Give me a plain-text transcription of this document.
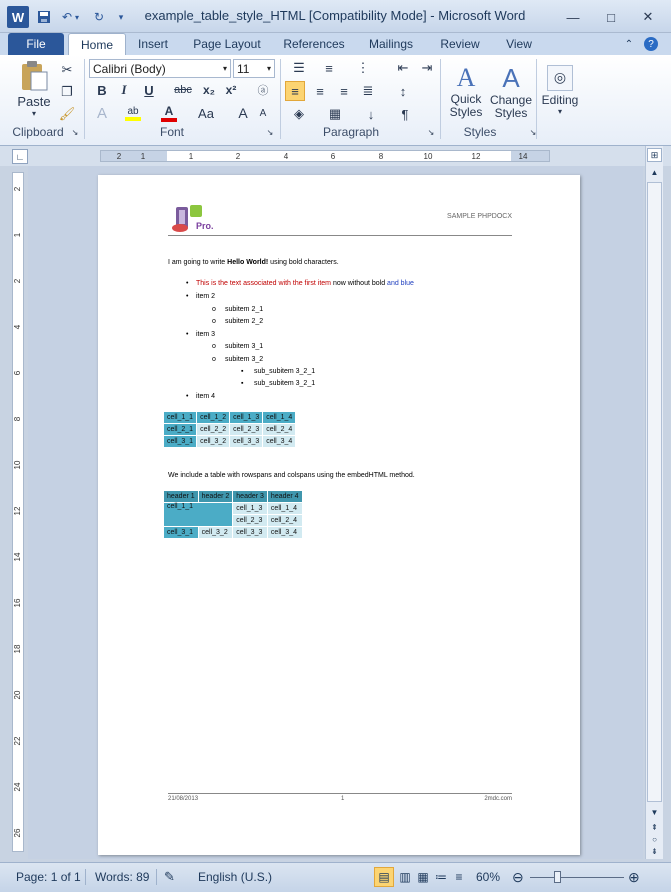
W	↶ ▾	↻	▾	example_table_style_HTML [Compatibility Mode] - Microsoft Word	—	□	✕
File	Home	Insert	Page Layout	References	Mailings	Review	View	⌃	?
Paste
▾
✂
❐
🖌
Clipboard ↘
Calibri (Body)	▾ 11 ▾
B	I	U	abc x₂ x²	ⓐ
A	ab A	Aa	A	A
Font	↘
☰	≡	⋮	⇤ ⇥
≡	≡	≡	≣	↕
◈	▦	↓	¶
Paragraph	↘
A
Quick
Styles
A
Change
Styles
Styles	↘
◎
Editing
▾
∟	2 1	1	2	4	6	8	10	12	14
2
1
2
4
6
8
10
12
14
16
18
20
22
24
26
⊞
▲
▼
⇞
○
⇟
Pro.
SAMPLE PHPDOCX
I am going to write Hello World! using bold characters.
• This is the text associated with the first item now without bold and blue
• item 2
o subitem 2_1
o subitem 2_2
• item 3
o subitem 3_1
o subitem 3_2
▪ sub_subitem 3_2_1
▪ sub_subitem 3_2_1
• item 4
cell_1_1	cell_1_2	cell_1_3	cell_1_4
cell_2_1	cell_2_2	cell_2_3	cell_2_4
cell_3_1	cell_3_2	cell_3_3	cell_3_4
We include a table with rowspans and colspans using the embedHTML method.
header 1	header 2	header 3	header 4
cell_1_1		cell_1_3	cell_1_4
		cell_2_3	cell_2_4
cell_3_1	cell_3_2	cell_3_3	cell_3_4
21/08/2013	1	2mdc.com
Page: 1 of 1 Words: 89 ✎ English (U.S.)	▤ ▥ ▦ ≔ ≡	60% ⊖	⊕
